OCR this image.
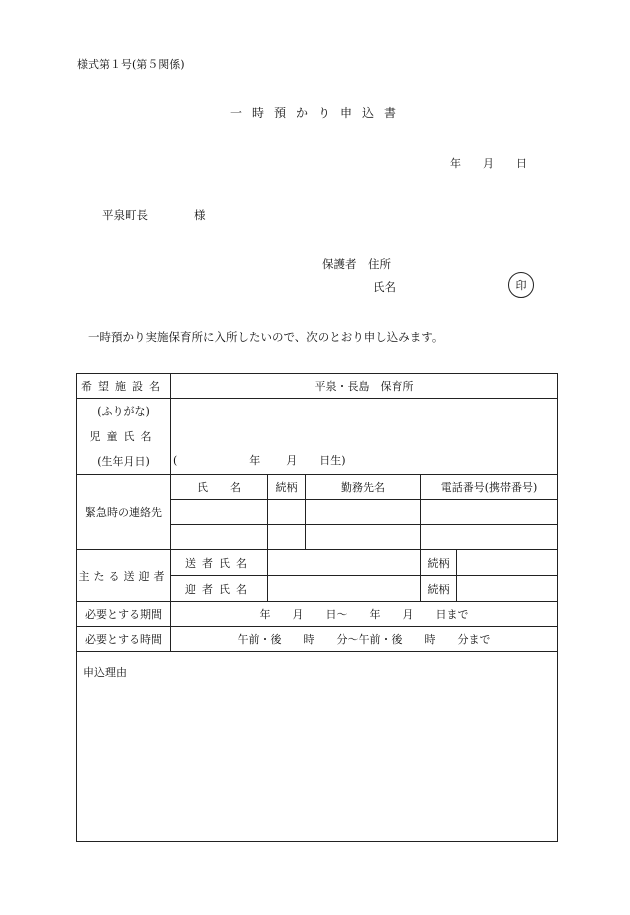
様式第１号(第５関係)
一時預かり申込書
年　　月　　日
平泉町長	様
保護者　住所
氏名	印
一時預かり実施保育所に入所したいので、次のとおり申し込みます。
希望施設名	平泉・長島　保育所				

(ふりがな)
児童氏名
(生年月日)	( 年 月 日生)				
緊急時の連絡先	氏　　名	続柄	勤務先名	電話番号(携帯番号)	

主たる送迎者	送者氏名			続柄	
	迎者氏名			続柄	
必要とする期間	年　　月　　日〜　　年　　月　　日まで				
必要とする時間	午前・後　　時　　分〜午前・後　　時　　分まで				
申込理由					
